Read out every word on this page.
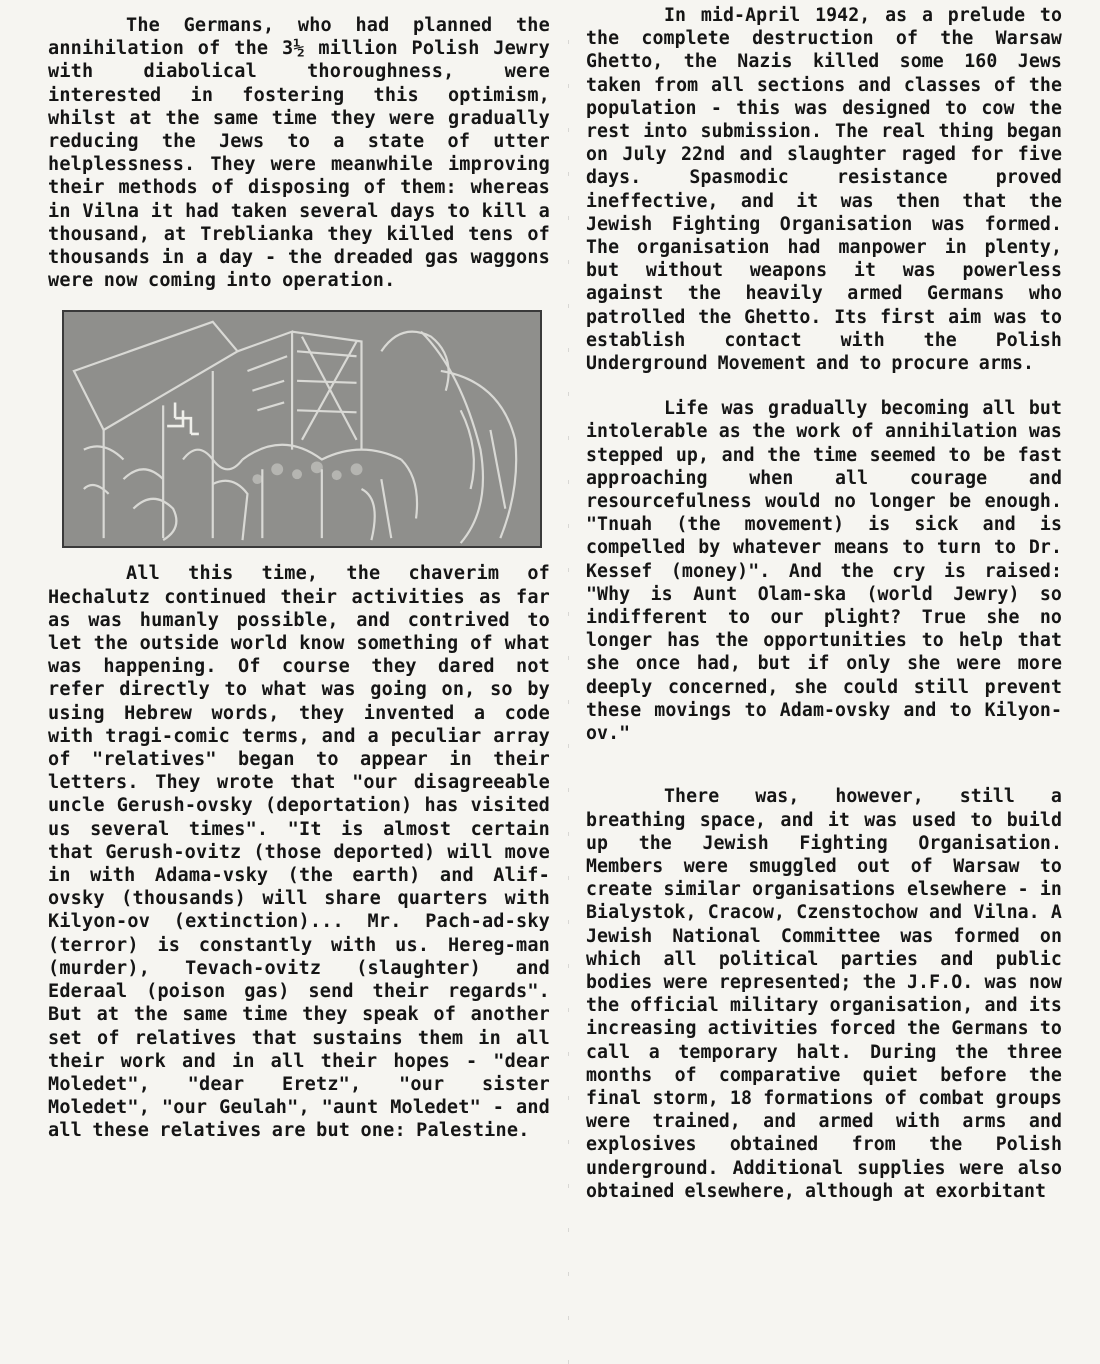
The Germans, who had planned the annihilation of the 3½ million Polish Jewry with diabolical thoroughness, were interested in fostering this optimism, whilst at the same time they were gradually reducing the Jews to a state of utter helplessness. They were meanwhile improving their methods of disposing of them: whereas in Vilna it had taken several days to kill a thousand, at Treblianka they killed tens of thousands in a day - the dreaded gas waggons were now coming into operation.

All this time, the chaverim of Hechalutz continued their activities as far as was humanly possible, and contrived to let the outside world know something of what was happening. Of course they dared not refer directly to what was going on, so by using Hebrew words, they invented a code with tragi-comic terms, and a peculiar array of "relatives" began to appear in their letters. They wrote that "our disagreeable uncle Gerush-ovsky (deportation) has visited us several times". "It is almost certain that Gerush-ovitz (those deported) will move in with Adama-vsky (the earth) and Alif-ovsky (thousands) will share quarters with Kilyon-ov (extinction)... Mr. Pach-ad-sky (terror) is constantly with us. Hereg-man (murder), Tevach-ovitz (slaughter) and Ederaal (poison gas) send their regards". But at the same time they speak of another set of relatives that sustains them in all their work and in all their hopes - "dear Moledet", "dear Eretz", "our sister Moledet", "our Geulah", "aunt Moledet" - and all these relatives are but one: Palestine.

In mid-April 1942, as a prelude to the complete destruction of the Warsaw Ghetto, the Nazis killed some 160 Jews taken from all sections and classes of the population - this was designed to cow the rest into submission. The real thing began on July 22nd and slaughter raged for five days. Spasmodic resistance proved ineffective, and it was then that the Jewish Fighting Organisation was formed. The organisation had manpower in plenty, but without weapons it was powerless against the heavily armed Germans who patrolled the Ghetto. Its first aim was to establish contact with the Polish Underground Movement and to procure arms.

Life was gradually becoming all but intolerable as the work of annihilation was stepped up, and the time seemed to be fast approaching when all courage and resourcefulness would no longer be enough. "Tnuah (the movement) is sick and is compelled by whatever means to turn to Dr. Kessef (money)". And the cry is raised: "Why is Aunt Olam-ska (world Jewry) so indifferent to our plight? True she no longer has the opportunities to help that she once had, but if only she were more deeply concerned, she could still prevent these movings to Adam-ovsky and to Kilyon-ov."

There was, however, still a breathing space, and it was used to build up the Jewish Fighting Organisation. Members were smuggled out of Warsaw to create similar organisations elsewhere - in Bialystok, Cracow, Czenstochow and Vilna. A Jewish National Committee was formed on which all political parties and public bodies were represented; the J.F.O. was now the official military organisation, and its increasing activities forced the Germans to call a temporary halt. During the three months of comparative quiet before the final storm, 18 formations of combat groups were trained, and armed with arms and explosives obtained from the Polish underground. Additional supplies were also obtained elsewhere, although at exorbitant
